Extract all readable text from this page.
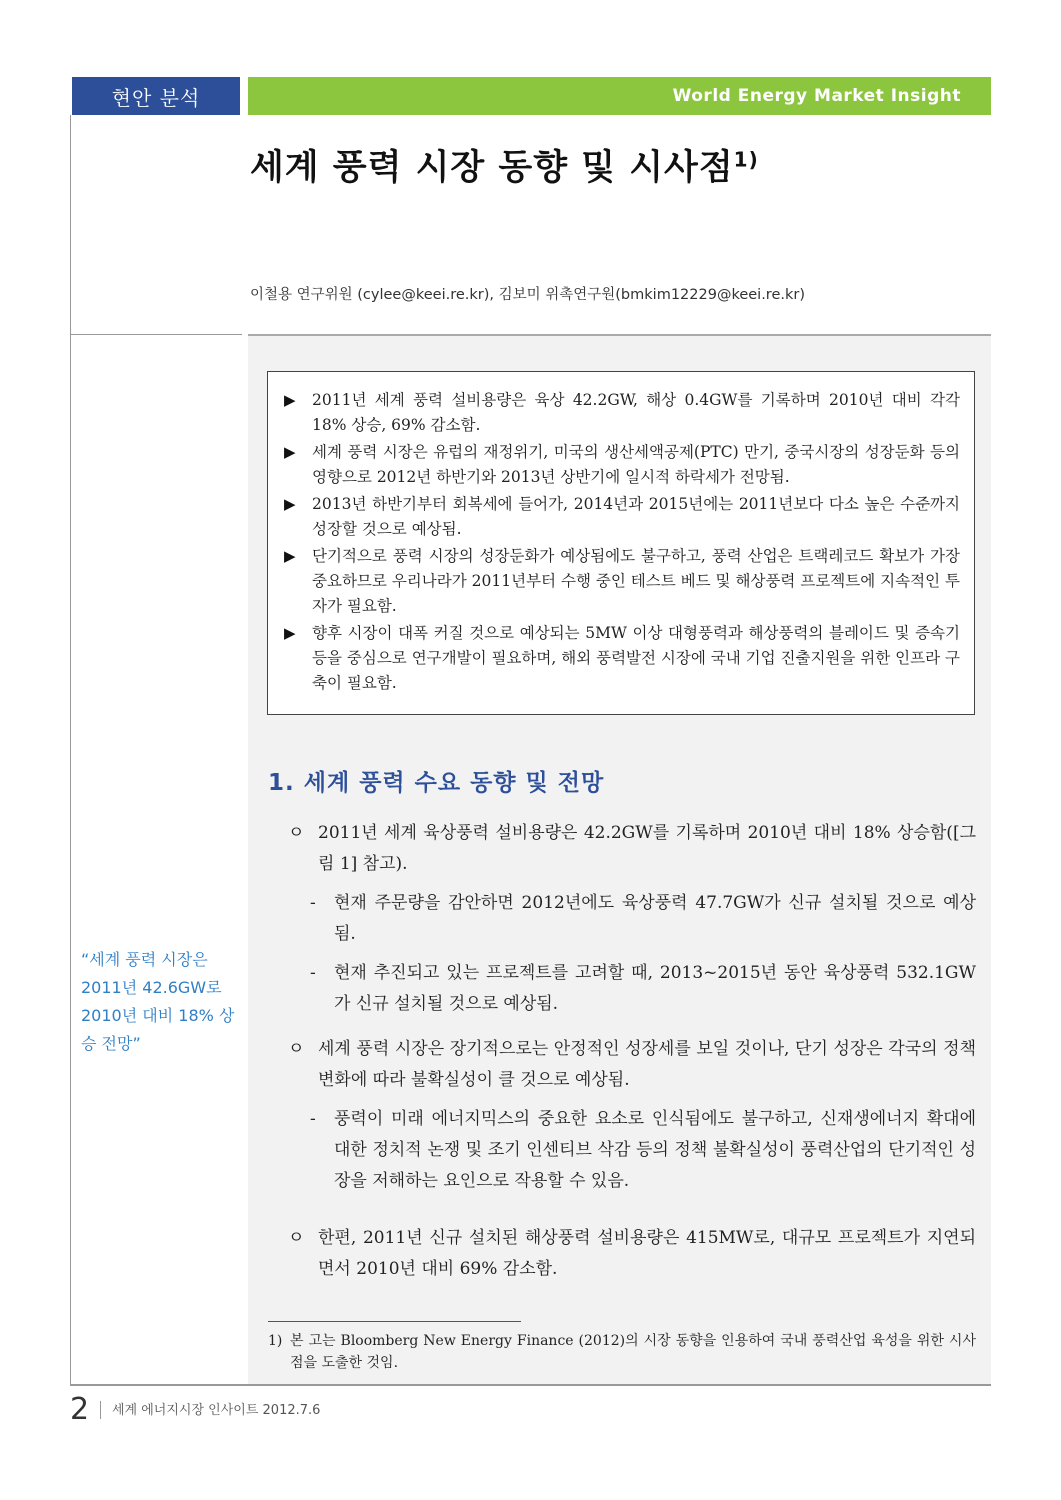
현안 분석	World Energy Market Insight
세계 풍력 시장 동향 및 시사점$^{1)}$
이철용 연구위원 (cylee@keei.re.kr), 김보미 위촉연구원(bmkim12229@keei.re.kr)
▶	2011년 세계 풍력 설비용량은 육상 42.2GW, 해상 0.4GW를 기록하며 2010년 대비 각각 18% 상승, 69% 감소함.
▶	세계 풍력 시장은 유럽의 재정위기, 미국의 생산세액공제(PTC) 만기, 중국시장의 성장둔화 등의 영향으로 2012년 하반기와 2013년 상반기에 일시적 하락세가 전망됨.
▶	2013년 하반기부터 회복세에 들어가, 2014년과 2015년에는 2011년보다 다소 높은 수준까지 성장할 것으로 예상됨.
▶	단기적으로 풍력 시장의 성장둔화가 예상됨에도 불구하고, 풍력 산업은 트랙레코드 확보가 가장 중요하므로 우리나라가 2011년부터 수행 중인 테스트 베드 및 해상풍력 프로젝트에 지속적인 투자가 필요함.
▶	향후 시장이 대폭 커질 것으로 예상되는 5MW 이상 대형풍력과 해상풍력의 블레이드 및 증속기 등을 중심으로 연구개발이 필요하며, 해외 풍력발전 시장에 국내 기업 진출지원을 위한 인프라 구축이 필요함.
“세계 풍력 시장은 2011년 42.6GW로 2010년 대비 18% 상승 전망”
1. 세계 풍력 수요 동향 및 전망
ㅇ 2011년 세계 육상풍력 설비용량은 42.2GW를 기록하며 2010년 대비 18% 상승함([그림 1] 참고).
-	현재 주문량을 감안하면 2012년에도 육상풍력 47.7GW가 신규 설치될 것으로 예상됨.
-	현재 추진되고 있는 프로젝트를 고려할 때, 2013~2015년 동안 육상풍력 532.1GW가 신규 설치될 것으로 예상됨.
ㅇ 세계 풍력 시장은 장기적으로는 안정적인 성장세를 보일 것이나, 단기 성장은 각국의 정책 변화에 따라 불확실성이 클 것으로 예상됨.
-	풍력이 미래 에너지믹스의 중요한 요소로 인식됨에도 불구하고, 신재생에너지 확대에 대한 정치적 논쟁 및 조기 인센티브 삭감 등의 정책 불확실성이 풍력산업의 단기적인 성장을 저해하는 요인으로 작용할 수 있음.
ㅇ 한편, 2011년 신규 설치된 해상풍력 설비용량은 415MW로, 대규모 프로젝트가 지연되면서 2010년 대비 69% 감소함.
1) 본 고는 Bloomberg New Energy Finance (2012)의 시장 동향을 인용하여 국내 풍력산업 육성을 위한 시사점을 도출한 것임.
2 세계 에너지시장 인사이트 2012.7.6
